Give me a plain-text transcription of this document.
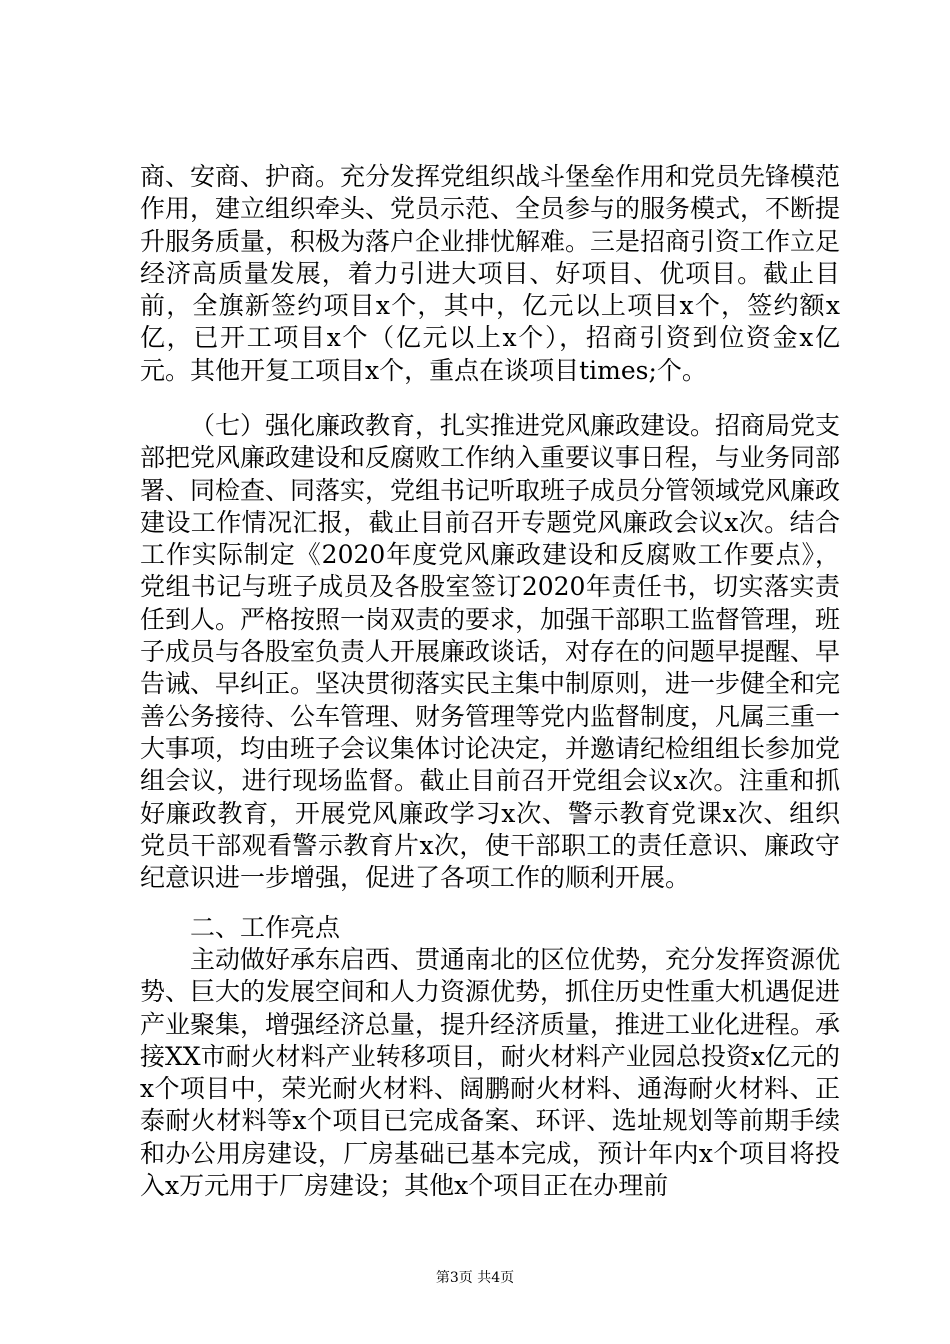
商、安商、护商。充分发挥党组织战斗堡垒作用和党员先锋模范作用，建立组织牵头、党员示范、全员参与的服务模式，不断提升服务质量，积极为落户企业排忧解难。三是招商引资工作立足经济高质量发展，着力引进大项目、好项目、优项目。截止目前，全旗新签约项目x个，其中，亿元以上项目x个，签约额x亿，已开工项目x个（亿元以上x个），招商引资到位资金x亿元。其他开复工项目x个，重点在谈项目times;个。

（七）强化廉政教育，扎实推进党风廉政建设。招商局党支部把党风廉政建设和反腐败工作纳入重要议事日程，与业务同部署、同检查、同落实，党组书记听取班子成员分管领域党风廉政建设工作情况汇报，截止目前召开专题党风廉政会议x次。结合工作实际制定《2020年度党风廉政建设和反腐败工作要点》，党组书记与班子成员及各股室签订2020年责任书，切实落实责任到人。严格按照一岗双责的要求，加强干部职工监督管理，班子成员与各股室负责人开展廉政谈话，对存在的问题早提醒、早告诫、早纠正。坚决贯彻落实民主集中制原则，进一步健全和完善公务接待、公车管理、财务管理等党内监督制度，凡属三重一大事项，均由班子会议集体讨论决定，并邀请纪检组组长参加党组会议，进行现场监督。截止目前召开党组会议x次。注重和抓好廉政教育，开展党风廉政学习x次、警示教育党课x次、组织党员干部观看警示教育片x次，使干部职工的责任意识、廉政守纪意识进一步增强，促进了各项工作的顺利开展。

二、工作亮点

主动做好承东启西、贯通南北的区位优势，充分发挥资源优势、巨大的发展空间和人力资源优势，抓住历史性重大机遇促进产业聚集，增强经济总量，提升经济质量，推进工业化进程。承接XX市耐火材料产业转移项目，耐火材料产业园总投资x亿元的x个项目中，荣光耐火材料、阔鹏耐火材料、通海耐火材料、正泰耐火材料等x个项目已完成备案、环评、选址规划等前期手续和办公用房建设，厂房基础已基本完成，预计年内x个项目将投入x万元用于厂房建设；其他x个项目正在办理前

第3页 共4页
